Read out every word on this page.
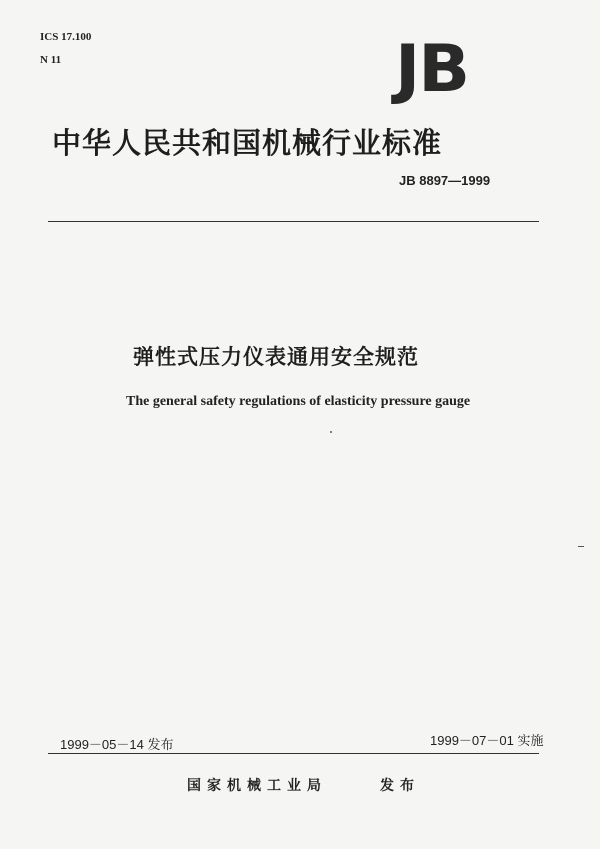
ICS 17.100
N 11	JB
中华人民共和国机械行业标准
JB 8897—1999
弹性式压力仪表通用安全规范
The general safety regulations of elasticity pressure gauge
1999－05－14 发布	1999－07－01 实施
国家机械工业局	发布
